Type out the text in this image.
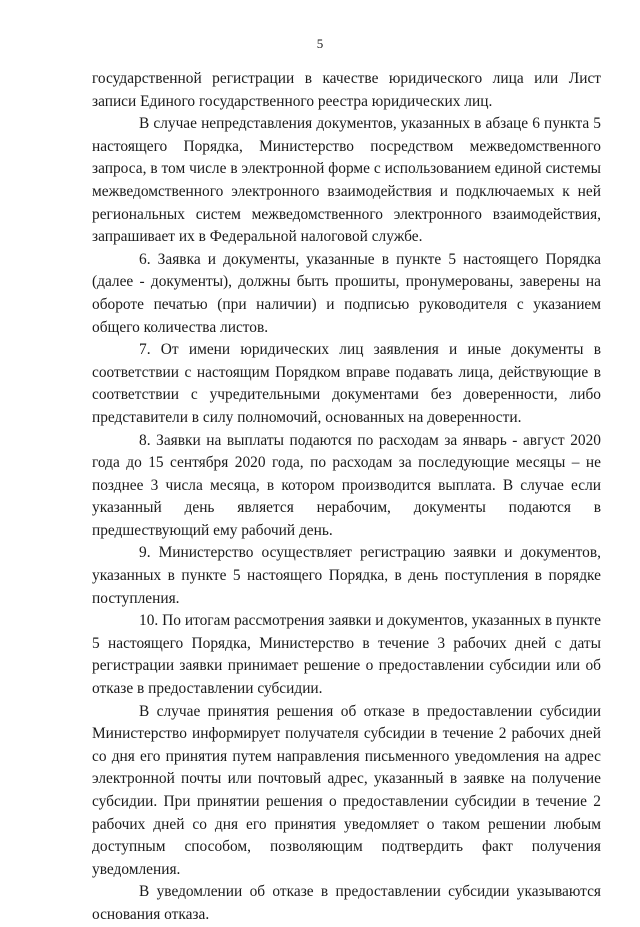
5

государственной регистрации в качестве юридического лица или Лист записи Единого государственного реестра юридических лиц.

В случае непредставления документов, указанных в абзаце 6 пункта 5 настоящего Порядка, Министерство посредством межведомственного запроса, в том числе в электронной форме с использованием единой системы межведомственного электронного взаимодействия и подключаемых к ней региональных систем межведомственного электронного взаимодействия, запрашивает их в Федеральной налоговой службе.

6. Заявка и документы, указанные в пункте 5 настоящего Порядка (далее - документы), должны быть прошиты, пронумерованы, заверены на обороте печатью (при наличии) и подписью руководителя с указанием общего количества листов.

7. От имени юридических лиц заявления и иные документы в соответствии с настоящим Порядком вправе подавать лица, действующие в соответствии с учредительными документами без доверенности, либо представители в силу полномочий, основанных на доверенности.

8. Заявки на выплаты подаются по расходам за январь - август 2020 года до 15 сентября 2020 года, по расходам за последующие месяцы – не позднее 3 числа месяца, в котором производится выплата. В случае если указанный день является нерабочим, документы подаются в предшествующий ему рабочий день.

9. Министерство осуществляет регистрацию заявки и документов, указанных в пункте 5 настоящего Порядка, в день поступления в порядке поступления.

10. По итогам рассмотрения заявки и документов, указанных в пункте 5 настоящего Порядка, Министерство в течение 3 рабочих дней с даты регистрации заявки принимает решение о предоставлении субсидии или об отказе в предоставлении субсидии.

В случае принятия решения об отказе в предоставлении субсидии Министерство информирует получателя субсидии в течение 2 рабочих дней со дня его принятия путем направления письменного уведомления на адрес электронной почты или почтовый адрес, указанный в заявке на получение субсидии. При принятии решения о предоставлении субсидии в течение 2 рабочих дней со дня его принятия уведомляет о таком решении любым доступным способом, позволяющим подтвердить факт получения уведомления.

В уведомлении об отказе в предоставлении субсидии указываются основания отказа.
